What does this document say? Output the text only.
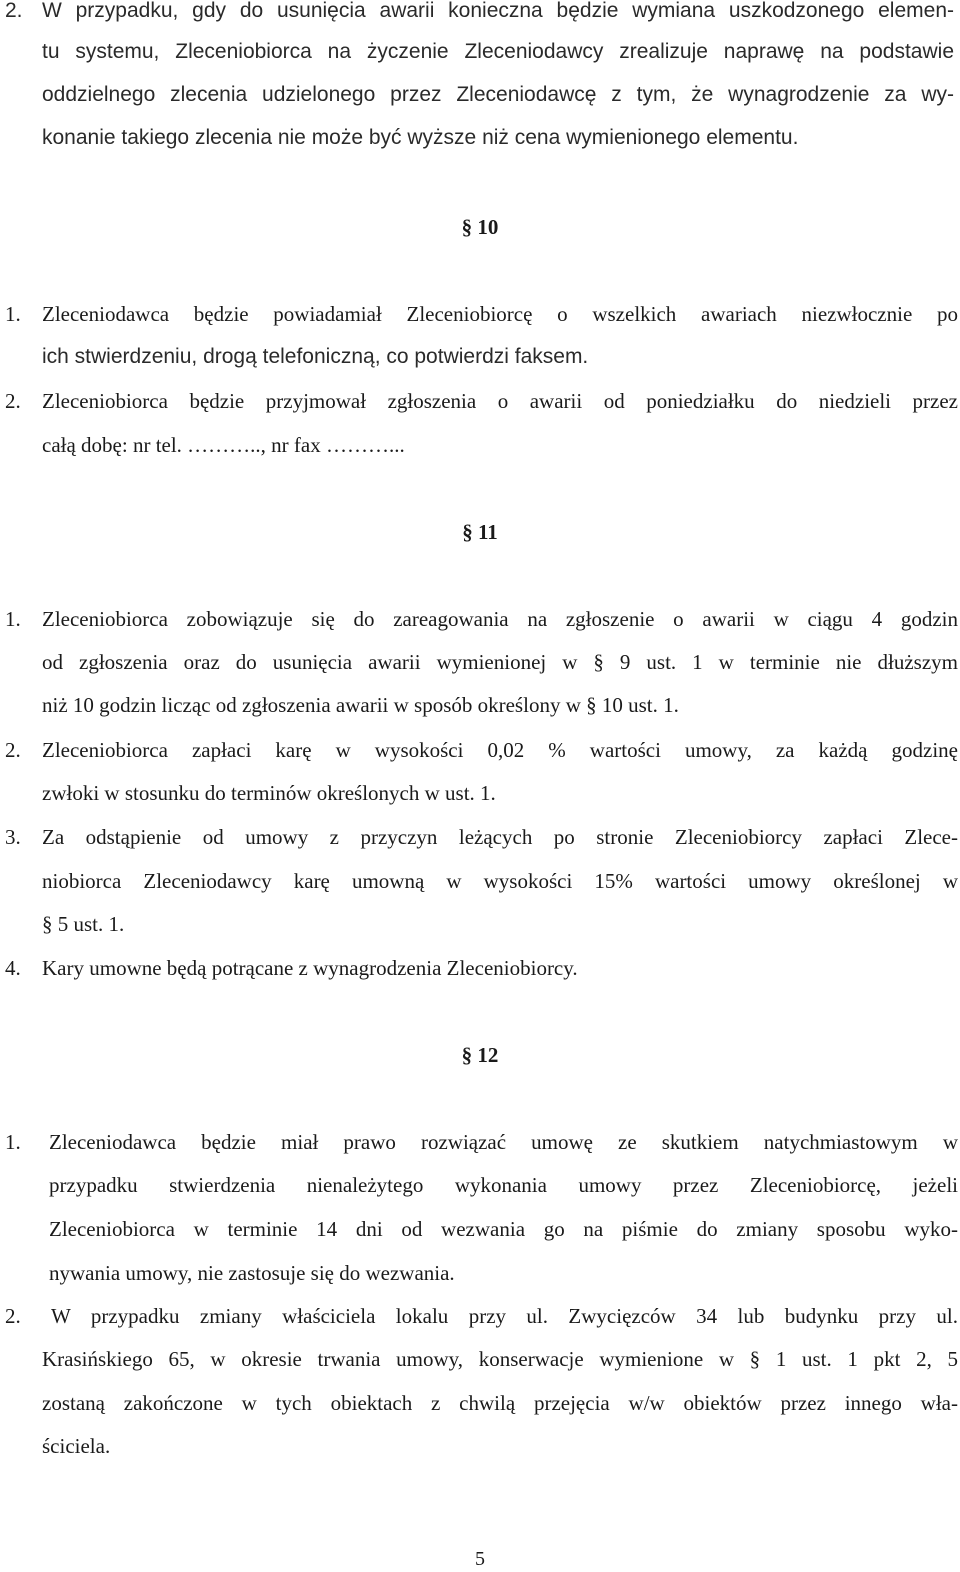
2. W przypadku, gdy do usunięcia awarii konieczna będzie wymiana uszkodzonego elemen-
tu systemu, Zleceniobiorca na życzenie Zleceniodawcy zrealizuje naprawę na podstawie
oddzielnego zlecenia udzielonego przez Zleceniodawcę z tym, że wynagrodzenie za wy-
konanie takiego zlecenia nie może być wyższe niż cena wymienionego elementu.
§ 10
1. Zleceniodawca będzie powiadamiał Zleceniobiorcę o wszelkich awariach niezwłocznie po
ich stwierdzeniu, drogą telefoniczną, co potwierdzi faksem.
2. Zleceniobiorca będzie przyjmował zgłoszenia o awarii od poniedziałku do niedzieli przez
całą dobę: nr tel. ……….., nr fax ………...
§ 11
1. Zleceniobiorca zobowiązuje się do zareagowania na zgłoszenie o awarii w ciągu 4 godzin
od zgłoszenia oraz do usunięcia awarii wymienionej w § 9 ust. 1 w terminie nie dłuższym
niż 10 godzin licząc od zgłoszenia awarii w sposób określony w § 10 ust. 1.
2. Zleceniobiorca zapłaci karę w wysokości 0,02 % wartości umowy, za każdą godzinę
zwłoki w stosunku do terminów określonych w ust. 1.
3. Za odstąpienie od umowy z przyczyn leżących po stronie Zleceniobiorcy zapłaci Zlece-
niobiorca Zleceniodawcy karę umowną w wysokości 15% wartości umowy określonej w
§ 5 ust. 1.
4. Kary umowne będą potrącane z wynagrodzenia Zleceniobiorcy.
§ 12
1. Zleceniodawca będzie miał prawo rozwiązać umowę ze skutkiem natychmiastowym w
przypadku stwierdzenia nienależytego wykonania umowy przez Zleceniobiorcę, jeżeli
Zleceniobiorca w terminie 14 dni od wezwania go na piśmie do zmiany sposobu wyko-
nywania umowy, nie zastosuje się do wezwania.
2. W przypadku zmiany właściciela lokalu przy ul. Zwycięzców 34 lub budynku przy ul.
Krasińskiego 65, w okresie trwania umowy, konserwacje wymienione w § 1 ust. 1 pkt 2, 5
zostaną zakończone w tych obiektach z chwilą przejęcia w/w obiektów przez innego wła-
ściciela.
5
